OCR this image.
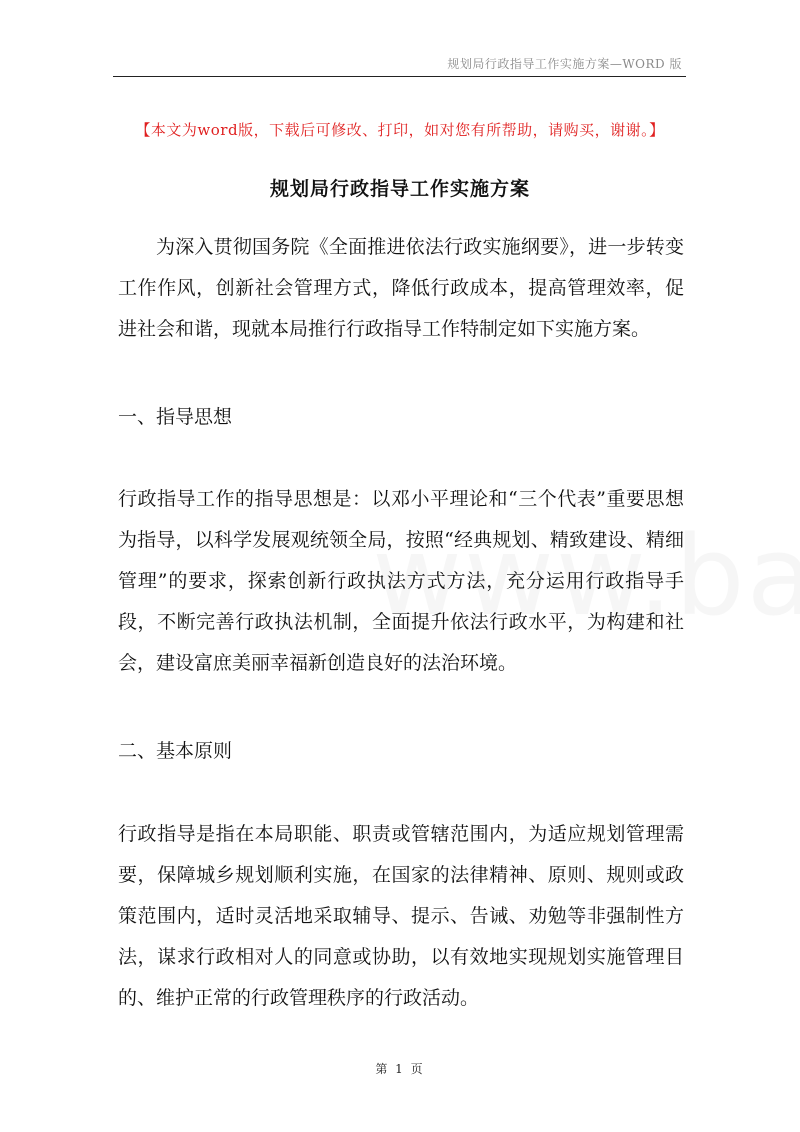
规划局行政指导工作实施方案—WORD 版
【本文为word版，下载后可修改、打印，如对您有所帮助，请购买，谢谢。】
规划局行政指导工作实施方案

为深入贯彻国务院《全面推进依法行政实施纲要》，进一步转变工作作风，创新社会管理方式，降低行政成本，提高管理效率，促进社会和谐，现就本局推行行政指导工作特制定如下实施方案。

一、指导思想

行政指导工作的指导思想是：以邓小平理论和“三个代表”重要思想为指导，以科学发展观统领全局，按照“经典规划、精致建设、精细管理”的要求，探索创新行政执法方式方法，充分运用行政指导手段，不断完善行政执法机制，全面提升依法行政水平，为构建和社会，建设富庶美丽幸福新创造良好的法治环境。

二、基本原则

行政指导是指在本局职能、职责或管辖范围内，为适应规划管理需要，保障城乡规划顺利实施，在国家的法律精神、原则、规则或政策范围内，适时灵活地采取辅导、提示、告诫、劝勉等非强制性方法，谋求行政相对人的同意或协助，以有效地实现规划实施管理目的、维护正常的行政管理秩序的行政活动。

第 1 页
